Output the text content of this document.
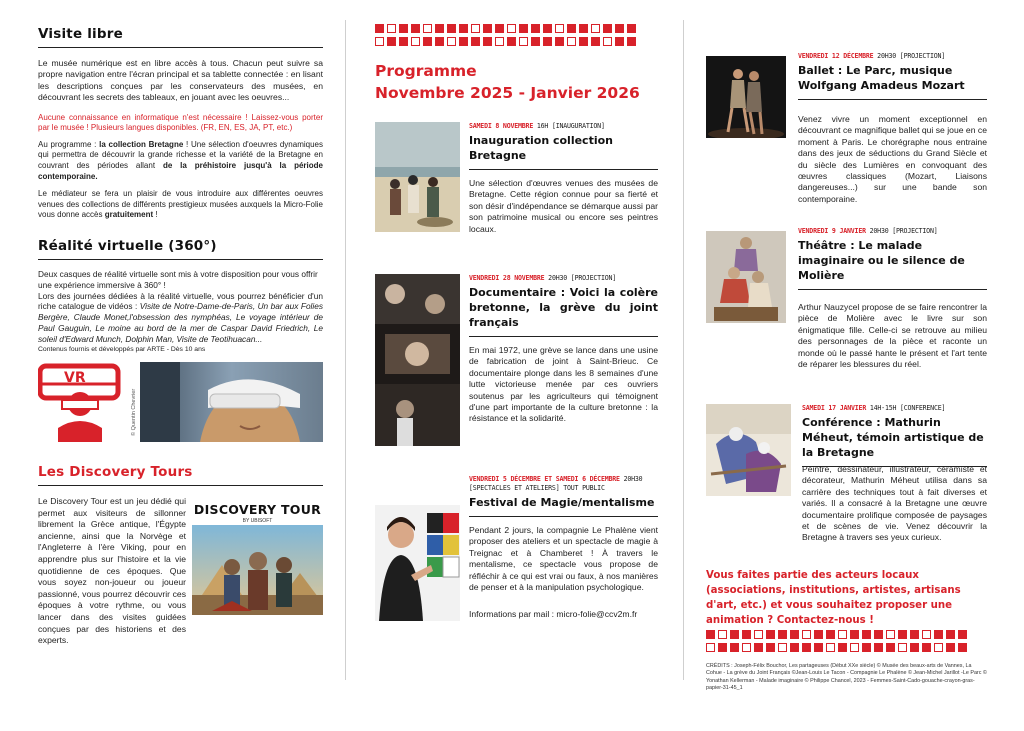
Visite libre

Le musée numérique est en libre accès à tous. Chacun peut suivre sa propre navigation entre l'écran principal et sa tablette connectée : en lisant les descriptions conçues par les conservateurs des musées, en découvrant les secrets des tableaux, en jouant avec les oeuvres...

Aucune connaissance en informatique n'est nécessaire ! Laissez-vous porter par le musée ! Plusieurs langues disponibles. (FR, EN, ES, JA, PT, etc.)

Au programme : la collection Bretagne ! Une sélection d'oeuvres dynamiques qui permettra de découvrir la grande richesse et la variété de la Bretagne en couvrant des périodes allant de la préhistoire jusqu'à la période contemporaine.

Le médiateur se fera un plaisir de vous introduire aux différentes oeuvres venues des collections de différents prestigieux musées auxquels la Micro-Folie vous donne accès gratuitement !

Réalité virtuelle (360°)

Deux casques de réalité virtuelle sont mis à votre disposition pour vous offrir une expérience immersive à 360° !

Lors des journées dédiées à la réalité virtuelle, vous pourrez bénéficier d'un riche catalogue de vidéos : Visite de Notre-Dame-de-Paris, Un bar aux Folies Bergère, Claude Monet,l'obsession des nymphéas, Le voyage intérieur de Paul Gauguin, Le moine au bord de la mer de Caspar David Friedrich, Le soleil d'Edward Munch, Dolphin Man, Visite de Teotihuacan...

Contenus fournis et développés par ARTE - Dès 10 ans

VR
© Quentin Chevrier
Les Discovery Tours

Le Discovery Tour est un jeu dédié qui permet aux visiteurs de sillonner librement la Grèce antique, l'Égypte ancienne, ainsi que la Norvège et l'Angleterre à l'ère Viking, pour en apprendre plus sur l'histoire et la vie quotidienne de ces époques. Que vous soyez non-joueur ou joueur passionné, vous pourrez découvrir ces époques à votre rythme, ou vous lancer dans des visites guidées conçues par des historiens et des experts.

DISCOVERY TOUR
BY UBISOFT
Programme
Novembre 2025 - Janvier 2026
SAMEDI 8 NOVEMBRE 16H [INAUGURATION]
Inauguration collection Bretagne

Une sélection d'œuvres venues des musées de Bretagne. Cette région connue pour sa fierté et son désir d'indépendance se démarque aussi par son patrimoine musical ou encore ses peintres locaux.

VENDREDI 28 NOVEMBRE 20H30 [PROJECTION]
Documentaire : Voici la colère bretonne, la grève du joint français

En mai 1972, une grève se lance dans une usine de fabrication de joint à Saint-Brieuc. Ce documentaire plonge dans les 8 semaines d'une lutte victorieuse menée par ces ouvriers soutenus par les agriculteurs qui témoignent d'une part importante de la culture bretonne : la résistance et la solidarité.

VENDREDI 5 DÉCEMBRE ET SAMEDI 6 DÉCEMBRE 20H30
[SPECTACLES ET ATELIERS] TOUT PUBLIC
Festival de Magie/mentalisme

Pendant 2 jours, la compagnie Le Phalène vient proposer des ateliers et un spectacle de magie à Treignac et à Chamberet ! À travers le mentalisme, ce spectacle vous propose de réfléchir à ce qui est vrai ou faux, à nos manières de penser et à la manipulation psychologique.

Informations par mail : micro-folie@ccv2m.fr

VENDREDI 12 DÉCEMBRE 20H30 [PROJECTION]
Ballet : Le Parc, musique Wolfgang Amadeus Mozart

Venez vivre un moment exceptionnel en découvrant ce magnifique ballet qui se joue en ce moment à Paris. Le chorégraphe nous entraine dans des jeux de séductions du Grand Siècle et du siècle des Lumières en convoquant des œuvres classiques (Mozart, Liaisons dangereuses...) sur une bande son contemporaine.

VENDREDI 9 JANVIER 20H30 [PROJECTION]
Théâtre : Le malade imaginaire ou le silence de Molière

Arthur Nauzycel propose de se faire rencontrer la pièce de Molière avec le livre sur son énigmatique fille. Celle-ci se retrouve au milieu des personnages de la pièce et raconte un monde où le passé hante le présent et l'art tente de réparer les blessures du réel.

SAMEDI 17 JANVIER 14H-15H [CONFERENCE]
Conférence : Mathurin Méheut, témoin artistique de la Bretagne

Peintre, dessinateur, illustrateur, céramiste et décorateur, Mathurin Méheut utilisa dans sa carrière des techniques tout à fait diverses et variés. Il a consacré à la Bretagne une œuvre documentaire prolifique composée de paysages et de scènes de vie. Venez découvrir la Bretagne à travers ses yeux curieux.

Vous faites partie des acteurs locaux (associations, institutions, artistes, artisans d'art, etc.) et vous souhaitez proposer une animation ? Contactez-nous !

CRÉDITS : Joseph-Félix Bouchor, Les partageuses (Début XXe siècle) © Musée des beaux-arts de Vannes, La Cohue - La grève du Joint Français ©Jean-Louis Le Tacon - Compagnie Le Phalène © Jean-Michel Jarillot -Le Parc © Yonathan Kellerman - Malade imaginaire © Philippe Chancel, 2023 - Femmes-Saint-Cado-gouache-crayon-gras-papier-31-45_1
